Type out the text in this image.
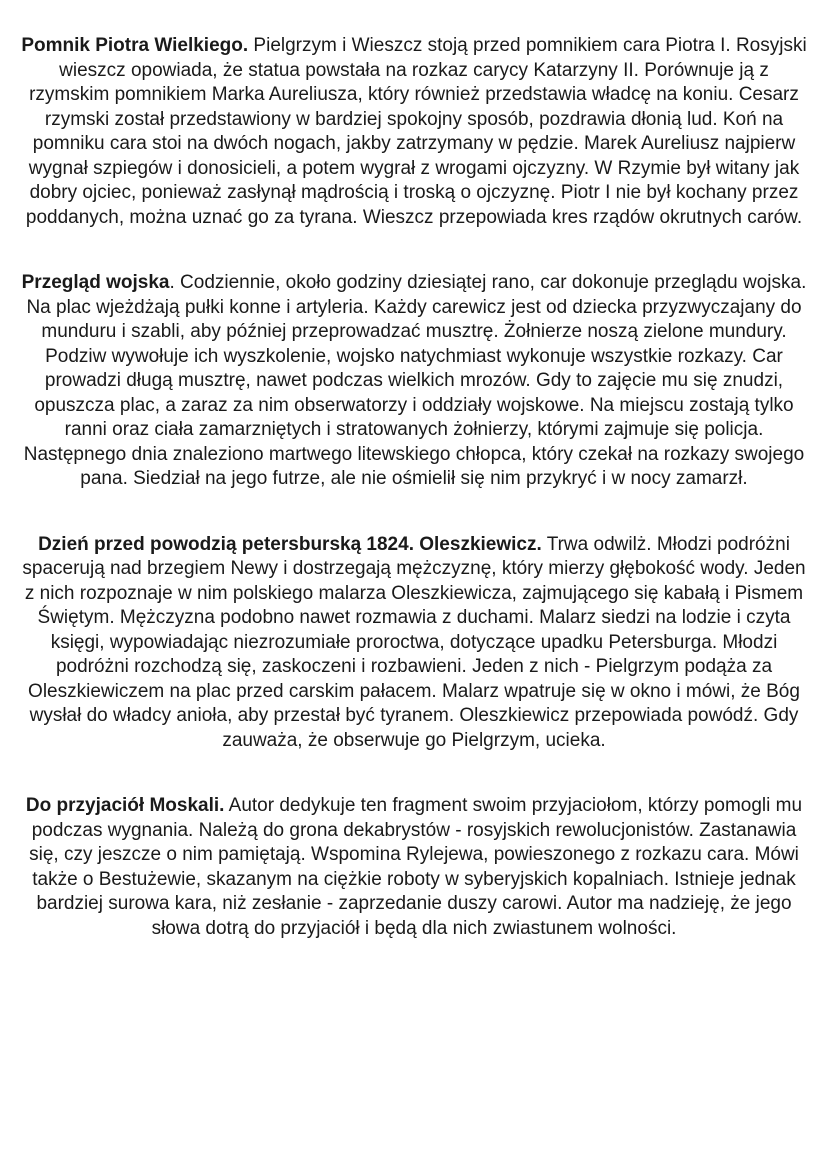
Pomnik Piotra Wielkiego. Pielgrzym i Wieszcz stoją przed pomnikiem cara Piotra I. Rosyjski wieszcz opowiada, że statua powstała na rozkaz carycy Katarzyny II. Porównuje ją z rzymskim pomnikiem Marka Aureliusza, który również przedstawia władcę na koniu. Cesarz rzymski został przedstawiony w bardziej spokojny sposób, pozdrawia dłonią lud. Koń na pomniku cara stoi na dwóch nogach, jakby zatrzymany w pędzie. Marek Aureliusz najpierw wygnał szpiegów i donosicieli, a potem wygrał z wrogami ojczyzny. W Rzymie był witany jak dobry ojciec, ponieważ zasłynął mądrością i troską o ojczyznę. Piotr I nie był kochany przez poddanych, można uznać go za tyrana. Wieszcz przepowiada kres rządów okrutnych carów.

Przegląd wojska. Codziennie, około godziny dziesiątej rano, car dokonuje przeglądu wojska. Na plac wjeżdżają pułki konne i artyleria. Każdy carewicz jest od dziecka przyzwyczajany do munduru i szabli, aby później przeprowadzać musztrę. Żołnierze noszą zielone mundury. Podziw wywołuje ich wyszkolenie, wojsko natychmiast wykonuje wszystkie rozkazy. Car prowadzi długą musztrę, nawet podczas wielkich mrozów. Gdy to zajęcie mu się znudzi, opuszcza plac, a zaraz za nim obserwatorzy i oddziały wojskowe. Na miejscu zostają tylko ranni oraz ciała zamarzniętych i stratowanych żołnierzy, którymi zajmuje się policja. Następnego dnia znaleziono martwego litewskiego chłopca, który czekał na rozkazy swojego pana. Siedział na jego futrze, ale nie ośmielił się nim przykryć i w nocy zamarzł.

Dzień przed powodzią petersburską 1824. Oleszkiewicz. Trwa odwilż. Młodzi podróżni spacerują nad brzegiem Newy i dostrzegają mężczyznę, który mierzy głębokość wody. Jeden z nich rozpoznaje w nim polskiego malarza Oleszkiewicza, zajmującego się kabałą i Pismem Świętym. Mężczyzna podobno nawet rozmawia z duchami. Malarz siedzi na lodzie i czyta księgi, wypowiadając niezrozumiałe proroctwa, dotyczące upadku Petersburga. Młodzi podróżni rozchodzą się, zaskoczeni i rozbawieni. Jeden z nich - Pielgrzym podąża za Oleszkiewiczem na plac przed carskim pałacem. Malarz wpatruje się w okno i mówi, że Bóg wysłał do władcy anioła, aby przestał być tyranem. Oleszkiewicz przepowiada powódź. Gdy zauważa, że obserwuje go Pielgrzym, ucieka.

Do przyjaciół Moskali. Autor dedykuje ten fragment swoim przyjaciołom, którzy pomogli mu podczas wygnania. Należą do grona dekabrystów - rosyjskich rewolucjonistów. Zastanawia się, czy jeszcze o nim pamiętają. Wspomina Rylejewa, powieszonego z rozkazu cara. Mówi także o Bestużewie, skazanym na ciężkie roboty w syberyjskich kopalniach. Istnieje jednak bardziej surowa kara, niż zesłanie - zaprzedanie duszy carowi. Autor ma nadzieję, że jego słowa dotrą do przyjaciół i będą dla nich zwiastunem wolności.
